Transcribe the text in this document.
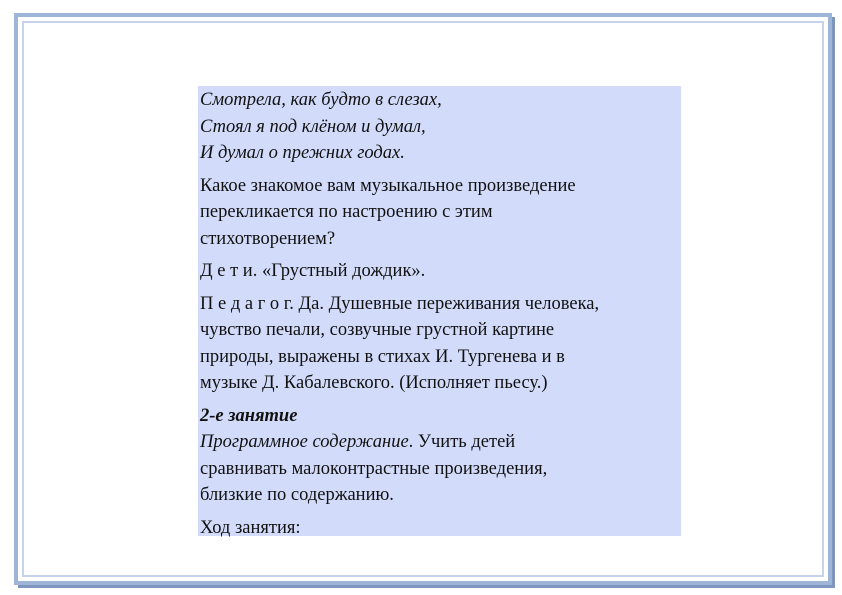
Смотрела, как будто в слезах,

Стоял я под клёном и думал,

И думал о прежних годах.

Какое знакомое вам музыкальное произведение

перекликается по настроению с этим

стихотворением?

Д е т и. «Грустный дождик».

П е д а г о г. Да. Душевные переживания человека,

чувство печали, созвучные грустной картине

природы, выражены в стихах И. Тургенева и в

музыке Д. Кабалевского. (Исполняет пьесу.)

2-е занятие

Программное содержание. Учить детей

сравнивать малоконтрастные произведения,

близкие по содержанию.

Ход занятия:
